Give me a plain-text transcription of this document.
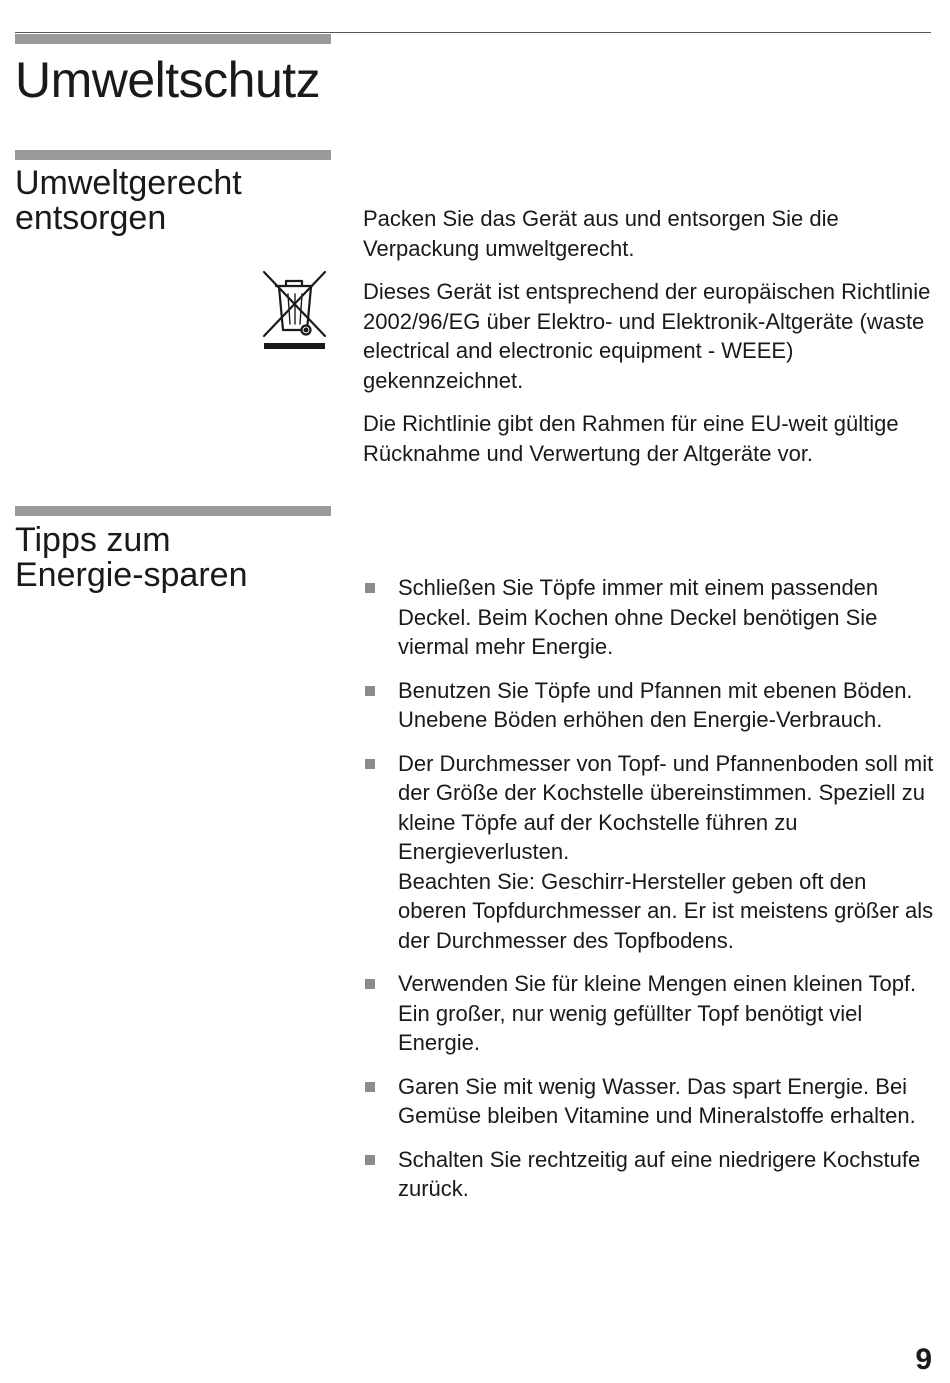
Umweltschutz
Umweltgerecht
entsorgen	Packen Sie das Gerät aus und entsorgen Sie die Verpackung umweltgerecht.

Dieses Gerät ist entsprechend der europäischen Richtlinie 2002/96/EG über Elektro- und Elektronik-Altgeräte (waste electrical and electronic equipment - WEEE) gekennzeichnet.

Die Richtlinie gibt den Rahmen für eine EU-weit gültige Rücknahme und Verwertung der Altgeräte vor.

Tipps zum
Energie-sparen	Schließen Sie Töpfe immer mit einem passenden Deckel. Beim Kochen ohne Deckel benötigen Sie viermal mehr Energie.
Benutzen Sie Töpfe und Pfannen mit ebenen Böden. Unebene Böden erhöhen den Energie-Verbrauch.
Der Durchmesser von Topf- und Pfannenboden soll mit der Größe der Kochstelle übereinstimmen. Speziell zu kleine Töpfe auf der Kochstelle führen zu Energieverlusten.
Beachten Sie: Geschirr-Hersteller geben oft den oberen Topfdurchmesser an. Er ist meistens größer als der Durchmesser des Topfbodens.
Verwenden Sie für kleine Mengen einen kleinen Topf. Ein großer, nur wenig gefüllter Topf benötigt viel Energie.
Garen Sie mit wenig Wasser. Das spart Energie. Bei Gemüse bleiben Vitamine und Mineralstoffe erhalten.
Schalten Sie rechtzeitig auf eine niedrigere Kochstufe zurück.
9
